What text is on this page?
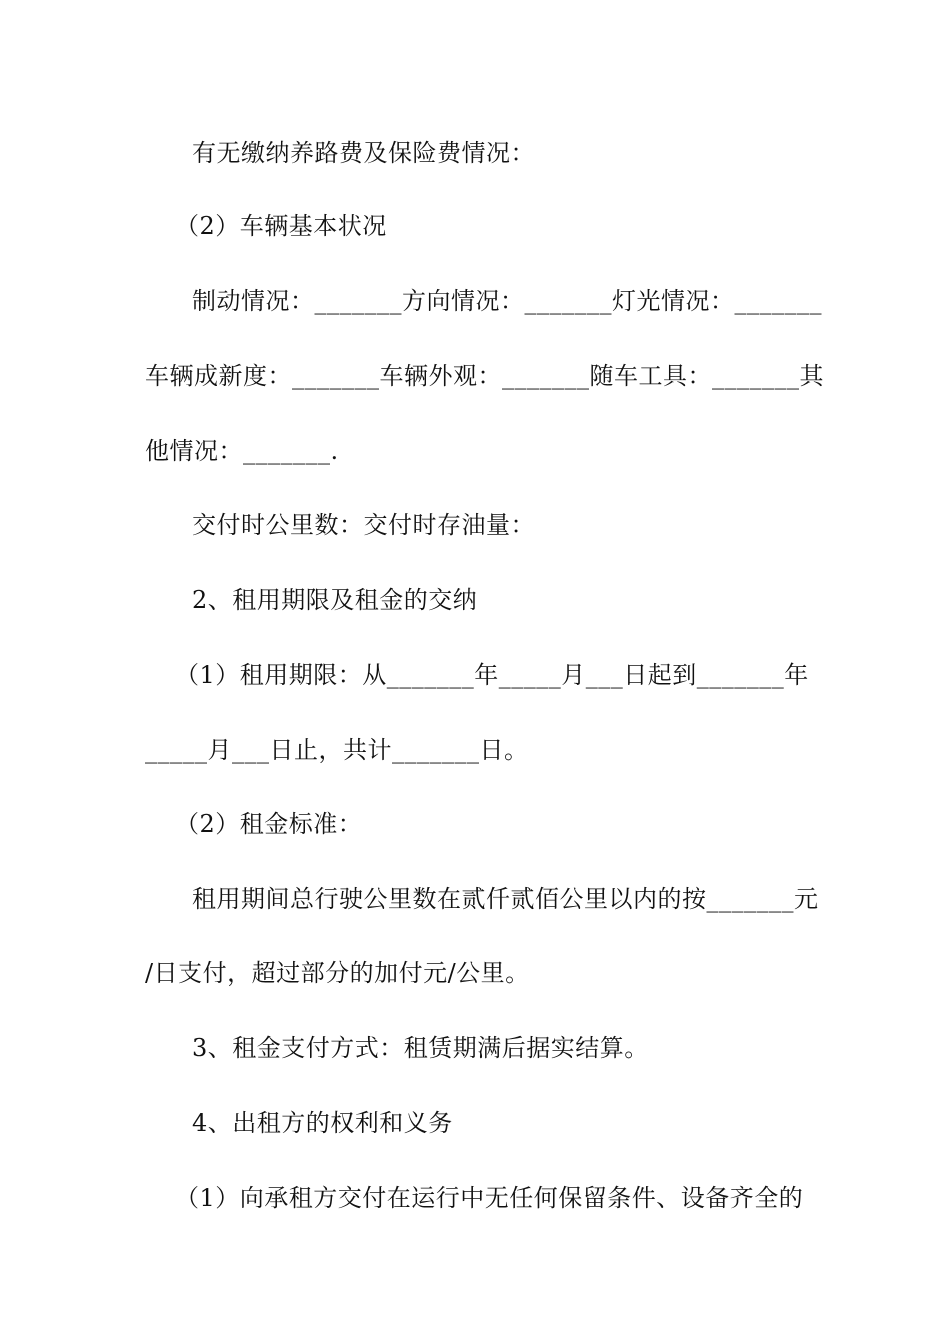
有无缴纳养路费及保险费情况：
（2）车辆基本状况
制动情况：_______方向情况：_______灯光情况：_______
车辆成新度：_______车辆外观：_______随车工具：_______其
他情况：_______.
交付时公里数：交付时存油量：
2、租用期限及租金的交纳
（1）租用期限：从_______年_____月___日起到_______年
_____月___日止，共计_______日。
（2）租金标准：
租用期间总行驶公里数在贰仟贰佰公里以内的按_______元
/日支付，超过部分的加付元/公里。
3、租金支付方式：租赁期满后据实结算。
4、出租方的权利和义务
（1）向承租方交付在运行中无任何保留条件、设备齐全的
